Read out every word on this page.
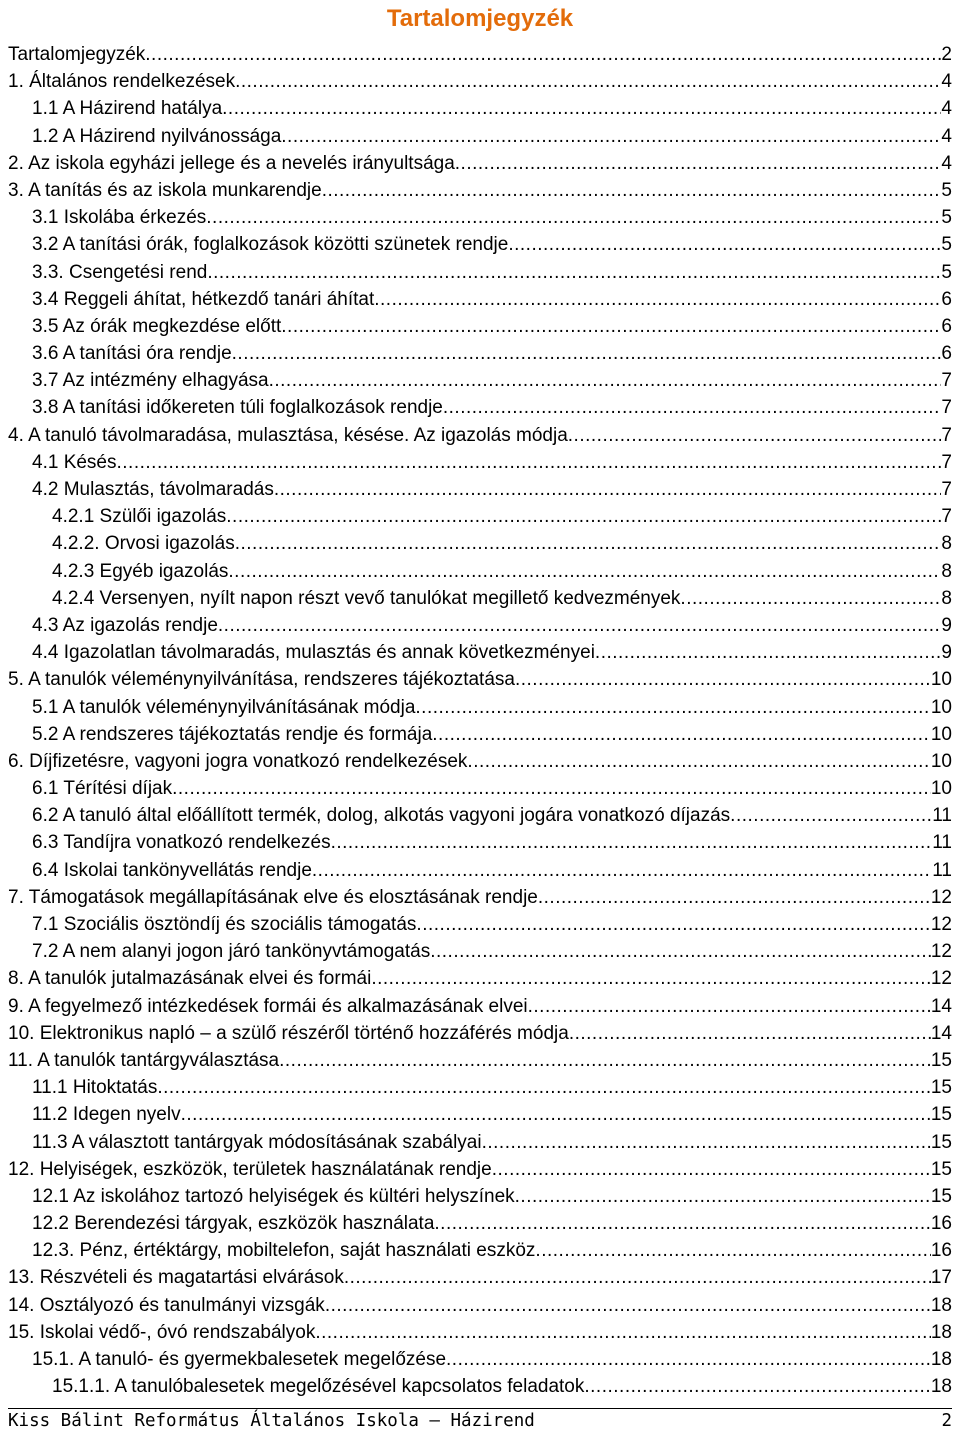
Tartalomjegyzék
Tartalomjegyzék .....	2
1. Általános rendelkezések .....	4
1.1 A Házirend hatálya .....	4
1.2 A Házirend nyilvánossága .....	4
2. Az iskola egyházi jellege és a nevelés irányultsága .....	4
3. A tanítás és az iskola munkarendje .....	5
3.1 Iskolába érkezés .....	5
3.2 A tanítási órák, foglalkozások közötti szünetek rendje .....	5
3.3. Csengetési rend .....	5
3.4 Reggeli áhítat, hétkezdő tanári áhítat .....	6
3.5 Az órák megkezdése előtt .....	6
3.6 A tanítási óra rendje .....	6
3.7 Az intézmény elhagyása .....	7
3.8 A tanítási időkereten túli foglalkozások rendje .....	7
4. A tanuló távolmaradása, mulasztása, késése. Az igazolás módja .....	7
4.1 Késés .....	7
4.2 Mulasztás, távolmaradás .....	7
4.2.1 Szülői igazolás .....	7
4.2.2. Orvosi igazolás .....	8
4.2.3 Egyéb igazolás .....	8
4.2.4 Versenyen, nyílt napon részt vevő tanulókat megillető kedvezmények .....	8
4.3 Az igazolás rendje .....	9
4.4 Igazolatlan távolmaradás, mulasztás és annak következményei .....	9
5. A tanulók véleménynyilvánítása, rendszeres tájékoztatása .....	10
5.1 A tanulók véleménynyilvánításának módja .....	10
5.2 A rendszeres tájékoztatás rendje és formája .....	10
6. Díjfizetésre, vagyoni jogra vonatkozó rendelkezések .....	10
6.1 Térítési díjak .....	10
6.2 A tanuló által előállított termék, dolog, alkotás vagyoni jogára vonatkozó díjazás .....	11
6.3 Tandíjra vonatkozó rendelkezés .....	11
6.4 Iskolai tankönyvellátás rendje .....	11
7. Támogatások megállapításának elve és elosztásának rendje .....	12
7.1 Szociális ösztöndíj és szociális támogatás .....	12
7.2 A nem alanyi jogon járó tankönyvtámogatás .....	12
8. A tanulók jutalmazásának elvei és formái .....	12
9. A fegyelmező intézkedések formái és alkalmazásának elvei .....	14
10. Elektronikus napló – a szülő részéről történő hozzáférés módja .....	14
11. A tanulók tantárgyválasztása .....	15
11.1 Hitoktatás .....	15
11.2 Idegen nyelv .....	15
11.3 A választott tantárgyak módosításának szabályai .....	15
12. Helyiségek, eszközök, területek használatának rendje .....	15
12.1 Az iskolához tartozó helyiségek és kültéri helyszínek .....	15
12.2 Berendezési tárgyak, eszközök használata .....	16
12.3. Pénz, értéktárgy, mobiltelefon, saját használati eszköz .....	16
13. Részvételi és magatartási elvárások .....	17
14. Osztályozó és tanulmányi vizsgák .....	18
15. Iskolai védő-, óvó rendszabályok .....	18
15.1. A tanuló- és gyermekbalesetek megelőzése .....	18
15.1.1. A tanulóbalesetek megelőzésével kapcsolatos feladatok .....	18
Kiss Bálint Református Általános Iskola – Házirend	2
